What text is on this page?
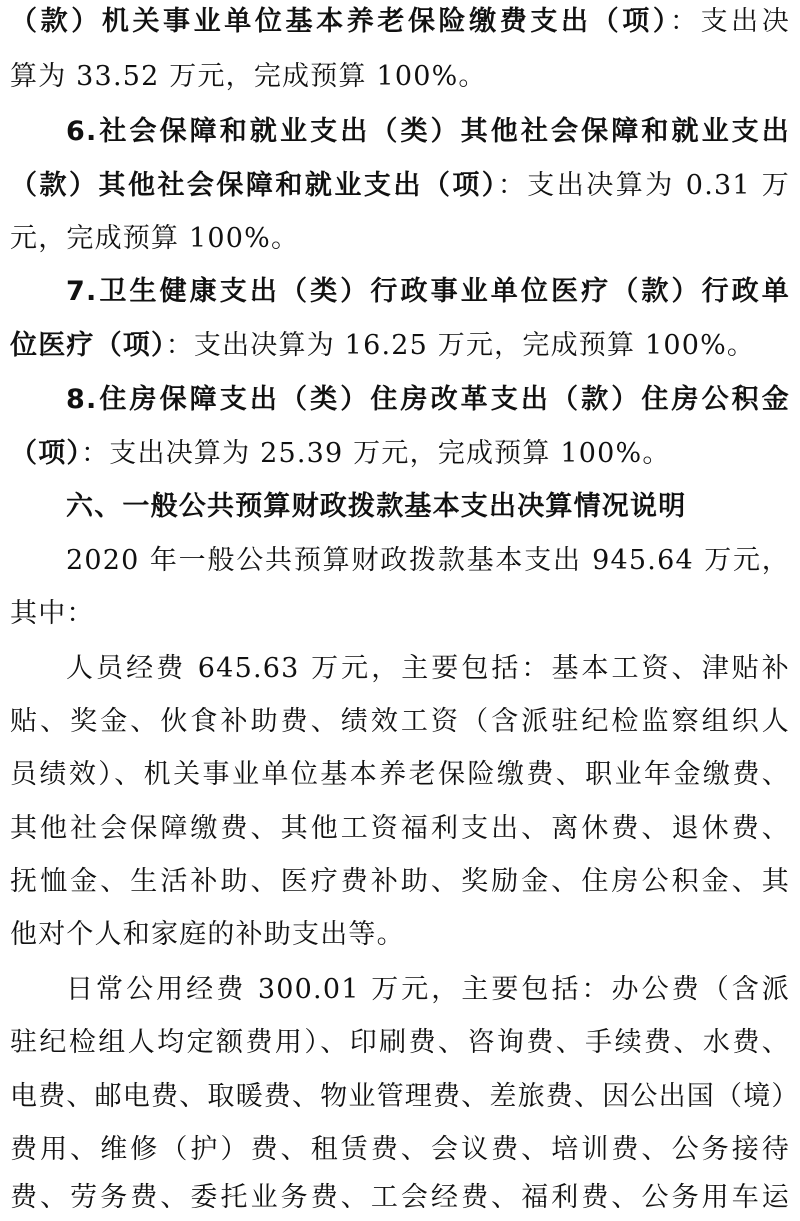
（款）机关事业单位基本养老保险缴费支出（项）：支出决
算为 33.52 万元，完成预算 100%。
6.社会保障和就业支出（类）其他社会保障和就业支出
（款）其他社会保障和就业支出（项）：支出决算为 0.31 万
元，完成预算 100%。
7.卫生健康支出（类）行政事业单位医疗（款）行政单
位医疗（项）：支出决算为 16.25 万元，完成预算 100%。
8.住房保障支出（类）住房改革支出（款）住房公积金
（项）：支出决算为 25.39 万元，完成预算 100%。
六、一般公共预算财政拨款基本支出决算情况说明
2020 年一般公共预算财政拨款基本支出 945.64 万元，
其中：
人员经费 645.63 万元，主要包括：基本工资、津贴补
贴、奖金、伙食补助费、绩效工资（含派驻纪检监察组织人
员绩效）、机关事业单位基本养老保险缴费、职业年金缴费、
其他社会保障缴费、其他工资福利支出、离休费、退休费、
抚恤金、生活补助、医疗费补助、奖励金、住房公积金、其
他对个人和家庭的补助支出等。
日常公用经费 300.01 万元，主要包括：办公费（含派
驻纪检组人均定额费用）、印刷费、咨询费、手续费、水费、
电费、邮电费、取暖费、物业管理费、差旅费、因公出国（境）
费用、维修（护）费、租赁费、会议费、培训费、公务接待
费、劳务费、委托业务费、工会经费、福利费、公务用车运
